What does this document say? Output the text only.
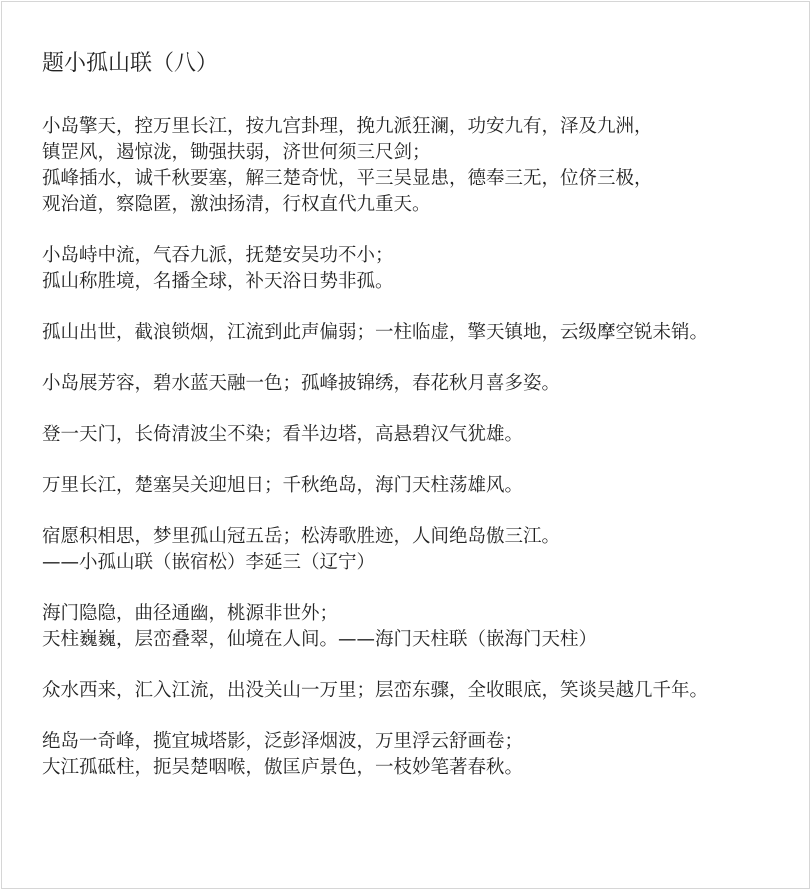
题小孤山联（八）
小岛擎天，控万里长江，按九宫卦理，挽九派狂澜，功安九有，泽及九洲，
镇罡风，遏惊泷，锄强扶弱，济世何须三尺剑；
孤峰插水，诚千秋要塞，解三楚奇忧，平三吴显患，德奉三无，位侪三极，
观治道，察隐匿，激浊扬清，行权直代九重天。
小岛峙中流，气吞九派，抚楚安吴功不小；
孤山称胜境，名播全球，补天浴日势非孤。
孤山出世，截浪锁烟，江流到此声偏弱；一柱临虚，擎天镇地，云级摩空锐未销。
小岛展芳容，碧水蓝天融一色；孤峰披锦绣，春花秋月喜多姿。
登一天门，长倚清波尘不染；看半边塔，高悬碧汉气犹雄。
万里长江，楚塞吴关迎旭日；千秋绝岛，海门天柱荡雄风。
宿愿积相思，梦里孤山冠五岳；松涛歌胜迹，人间绝岛傲三江。
——小孤山联（嵌宿松）李延三（辽宁）
海门隐隐，曲径通幽，桃源非世外；
天柱巍巍，层峦叠翠，仙境在人间。——海门天柱联（嵌海门天柱）
众水西来，汇入江流，出没关山一万里；层峦东骤，全收眼底，笑谈吴越几千年。
绝岛一奇峰，揽宜城塔影，泛彭泽烟波，万里浮云舒画卷；
大江孤砥柱，扼吴楚咽喉，傲匡庐景色，一枝妙笔著春秋。
